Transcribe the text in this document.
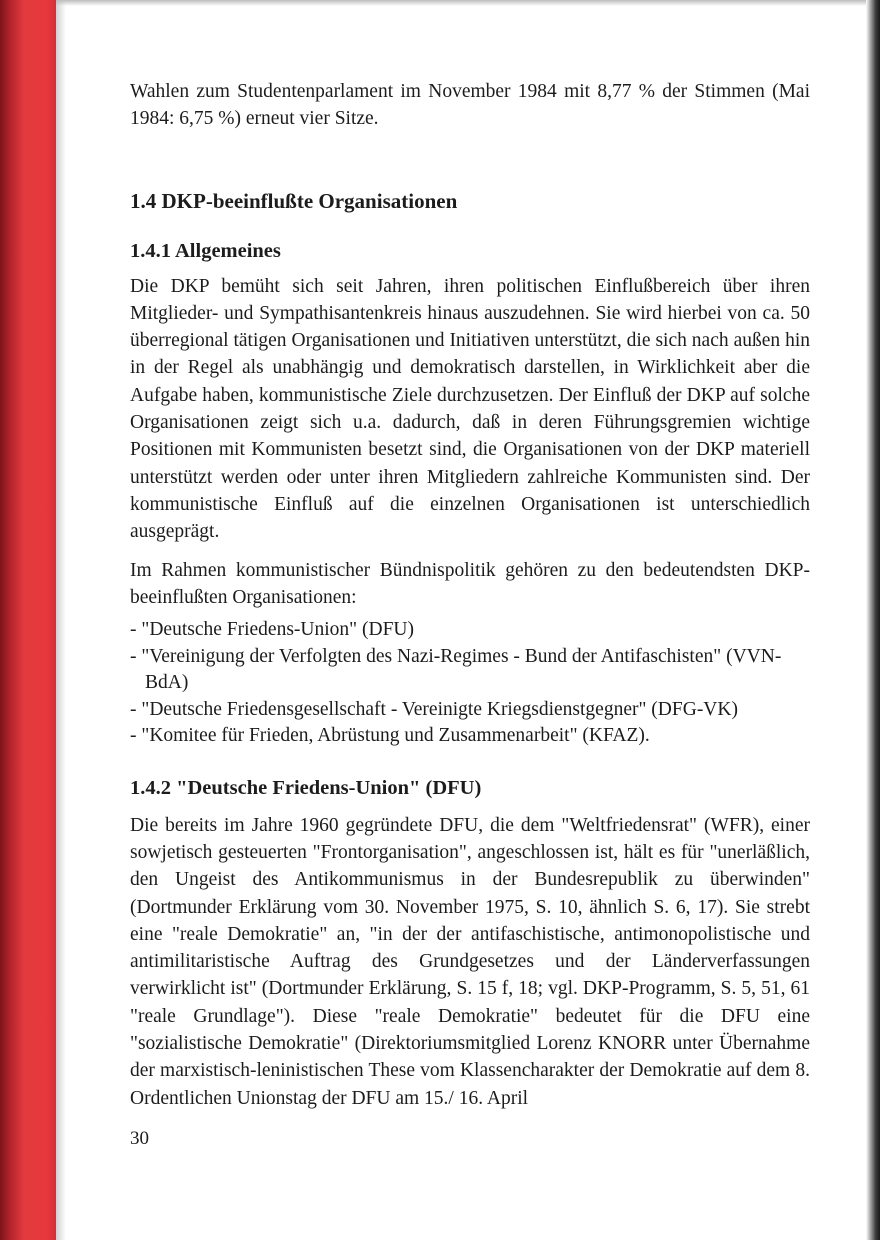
Wahlen zum Studentenparlament im November 1984 mit 8,77 % der Stimmen (Mai 1984: 6,75 %) erneut vier Sitze.

1.4 DKP-beeinflußte Organisationen
1.4.1 Allgemeines

Die DKP bemüht sich seit Jahren, ihren politischen Einflußbereich über ihren Mitglieder- und Sympathisantenkreis hinaus auszudehnen. Sie wird hierbei von ca. 50 überregional tätigen Organisationen und Initiativen unterstützt, die sich nach außen hin in der Regel als unabhängig und demokratisch darstellen, in Wirklichkeit aber die Aufgabe haben, kommunistische Ziele durchzusetzen. Der Einfluß der DKP auf solche Organisationen zeigt sich u.a. dadurch, daß in deren Führungsgremien wichtige Positionen mit Kommunisten besetzt sind, die Organisationen von der DKP materiell unterstützt werden oder unter ihren Mitgliedern zahlreiche Kommunisten sind. Der kommunistische Einfluß auf die einzelnen Organisationen ist unterschiedlich ausgeprägt.

Im Rahmen kommunistischer Bündnispolitik gehören zu den bedeutendsten DKP-beeinflußten Organisationen:

- "Deutsche Friedens-Union" (DFU)
- "Vereinigung der Verfolgten des Nazi-Regimes - Bund der Antifaschisten" (VVN-BdA)
- "Deutsche Friedensgesellschaft - Vereinigte Kriegsdienstgegner" (DFG-VK)
- "Komitee für Frieden, Abrüstung und Zusammenarbeit" (KFAZ).
1.4.2 "Deutsche Friedens-Union" (DFU)

Die bereits im Jahre 1960 gegründete DFU, die dem "Weltfriedensrat" (WFR), einer sowjetisch gesteuerten "Frontorganisation", angeschlossen ist, hält es für "unerläßlich, den Ungeist des Antikommunismus in der Bundesrepublik zu überwinden" (Dortmunder Erklärung vom 30. November 1975, S. 10, ähnlich S. 6, 17). Sie strebt eine "reale Demokratie" an, "in der der antifaschistische, antimonopolistische und antimilitaristische Auftrag des Grundgesetzes und der Länderverfassungen verwirklicht ist" (Dortmunder Erklärung, S. 15 f, 18; vgl. DKP-Programm, S. 5, 51, 61 "reale Grundlage"). Diese "reale Demokratie" bedeutet für die DFU eine "sozialistische Demokratie" (Direktoriumsmitglied Lorenz KNORR unter Übernahme der marxistisch-leninistischen These vom Klassencharakter der Demokratie auf dem 8. Ordentlichen Unionstag der DFU am 15./ 16. April

30
